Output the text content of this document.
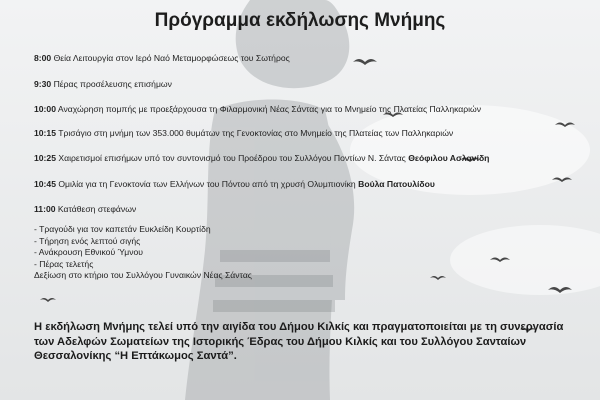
Πρόγραμμα εκδήλωσης Μνήμης
8:00 Θεία Λειτουργία στον Ιερό Ναό Μεταμορφώσεως του Σωτήρος
9:30 Πέρας προσέλευσης επισήμων
10:00 Αναχώρηση πομπής με προεξάρχουσα τη Φιλαρμονική Νέας Σάντας για το Μνημείο της Πλατείας Παλληκαριών
10:15 Τρισάγιο στη μνήμη των 353.000 θυμάτων της Γενοκτονίας στο Μνημείο της Πλατείας των Παλληκαριών
10:25 Χαιρετισμοί επισήμων υπό τον συντονισμό του Προέδρου του Συλλόγου Ποντίων Ν. Σάντας Θεόφιλου Ασλανίδη
10:45 Ομιλία για τη Γενοκτονία των Ελλήνων του Πόντου από τη χρυσή Ολυμπιονίκη Βούλα Πατουλίδου
11:00 Κατάθεση στεφάνων
- Τραγούδι για τον καπετάν Ευκλείδη Κουρτίδη
- Τήρηση ενός λεπτού σιγής
- Ανάκρουση Εθνικού Ύμνου
- Πέρας τελετής
Δεξίωση στο κτήριο του Συλλόγου Γυναικών Νέας Σάντας
Η εκδήλωση Μνήμης τελεί υπό την αιγίδα του Δήμου Κιλκίς και πραγματοποιείται με τη συνεργασία των Αδελφών Σωματείων της Ιστορικής Έδρας του Δήμου Κιλκίς και του Συλλόγου Σανταίων Θεσσαλονίκης “Η Επτάκωμος Σαντά”.
